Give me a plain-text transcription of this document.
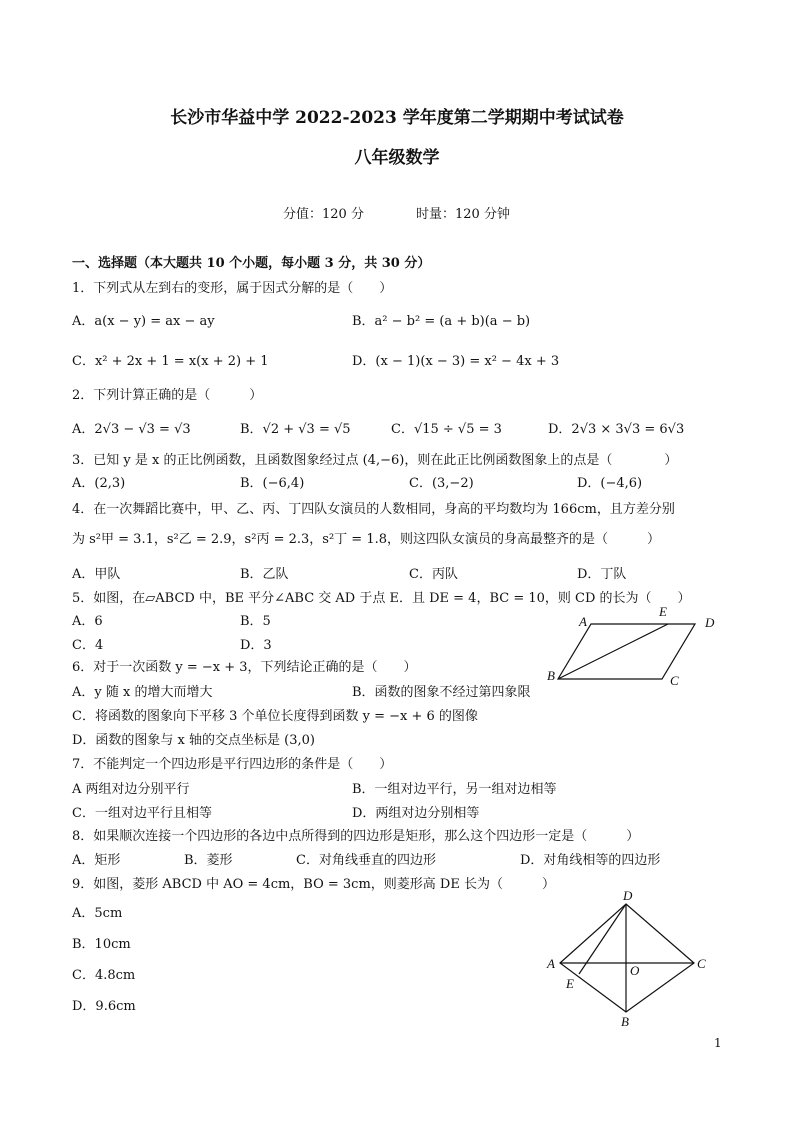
长沙市华益中学 2022-2023 学年度第二学期期中考试试卷
八年级数学
分值：120 分	时量：120 分钟
一、选择题（本大题共 10 个小题，每小题 3 分，共 30 分）
1．下列式从左到右的变形，属于因式分解的是（　　）
A．a(x − y) = ax − ay	B．a² − b² = (a + b)(a − b)
C．x² + 2x + 1 = x(x + 2) + 1	D．(x − 1)(x − 3) = x² − 4x + 3
2．下列计算正确的是（　　　）
A．2√3 − √3 = √3	B．√2 + √3 = √5	C．√15 ÷ √5 = 3	D．2√3 × 3√3 = 6√3
3．已知 y 是 x 的正比例函数，且函数图象经过点 (4,−6)，则在此正比例函数图象上的点是（　　　　）
A．(2,3)	B．(−6,4)	C．(3,−2)	D．(−4,6)
4．在一次舞蹈比赛中，甲、乙、丙、丁四队女演员的人数相同，身高的平均数均为 166cm，且方差分别
为 s²甲 = 3.1，s²乙 = 2.9，s²丙 = 2.3，s²丁 = 1.8，则这四队女演员的身高最整齐的是（　　　）
A．甲队	B．乙队	C．丙队	D．丁队
5．如图，在▱ABCD 中，BE 平分∠ABC 交 AD 于点 E．且 DE = 4，BC = 10，则 CD 的长为（　　）
A．6	B．5
C．4	D．3
A
E
D
B	C
6．对于一次函数 y = −x + 3，下列结论正确的是（　　）
A．y 随 x 的增大而增大	B．函数的图象不经过第四象限
C．将函数的图象向下平移 3 个单位长度得到函数 y = −x + 6 的图像
D．函数的图象与 x 轴的交点坐标是 (3,0)
7．不能判定一个四边形是平行四边形的条件是（　　）
A 两组对边分别平行	B．一组对边平行，另一组对边相等
C．一组对边平行且相等	D．两组对边分别相等
8．如果顺次连接一个四边形的各边中点所得到的四边形是矩形，那么这个四边形一定是（　　　）
A．矩形	B．菱形	C．对角线垂直的四边形	D．对角线相等的四边形
9．如图，菱形 ABCD 中 AO = 4cm，BO = 3cm，则菱形高 DE 长为（　　　）
A．5cm
B．10cm
C．4.8cm
D．9.6cm
D
A	O	C
E
B
1
